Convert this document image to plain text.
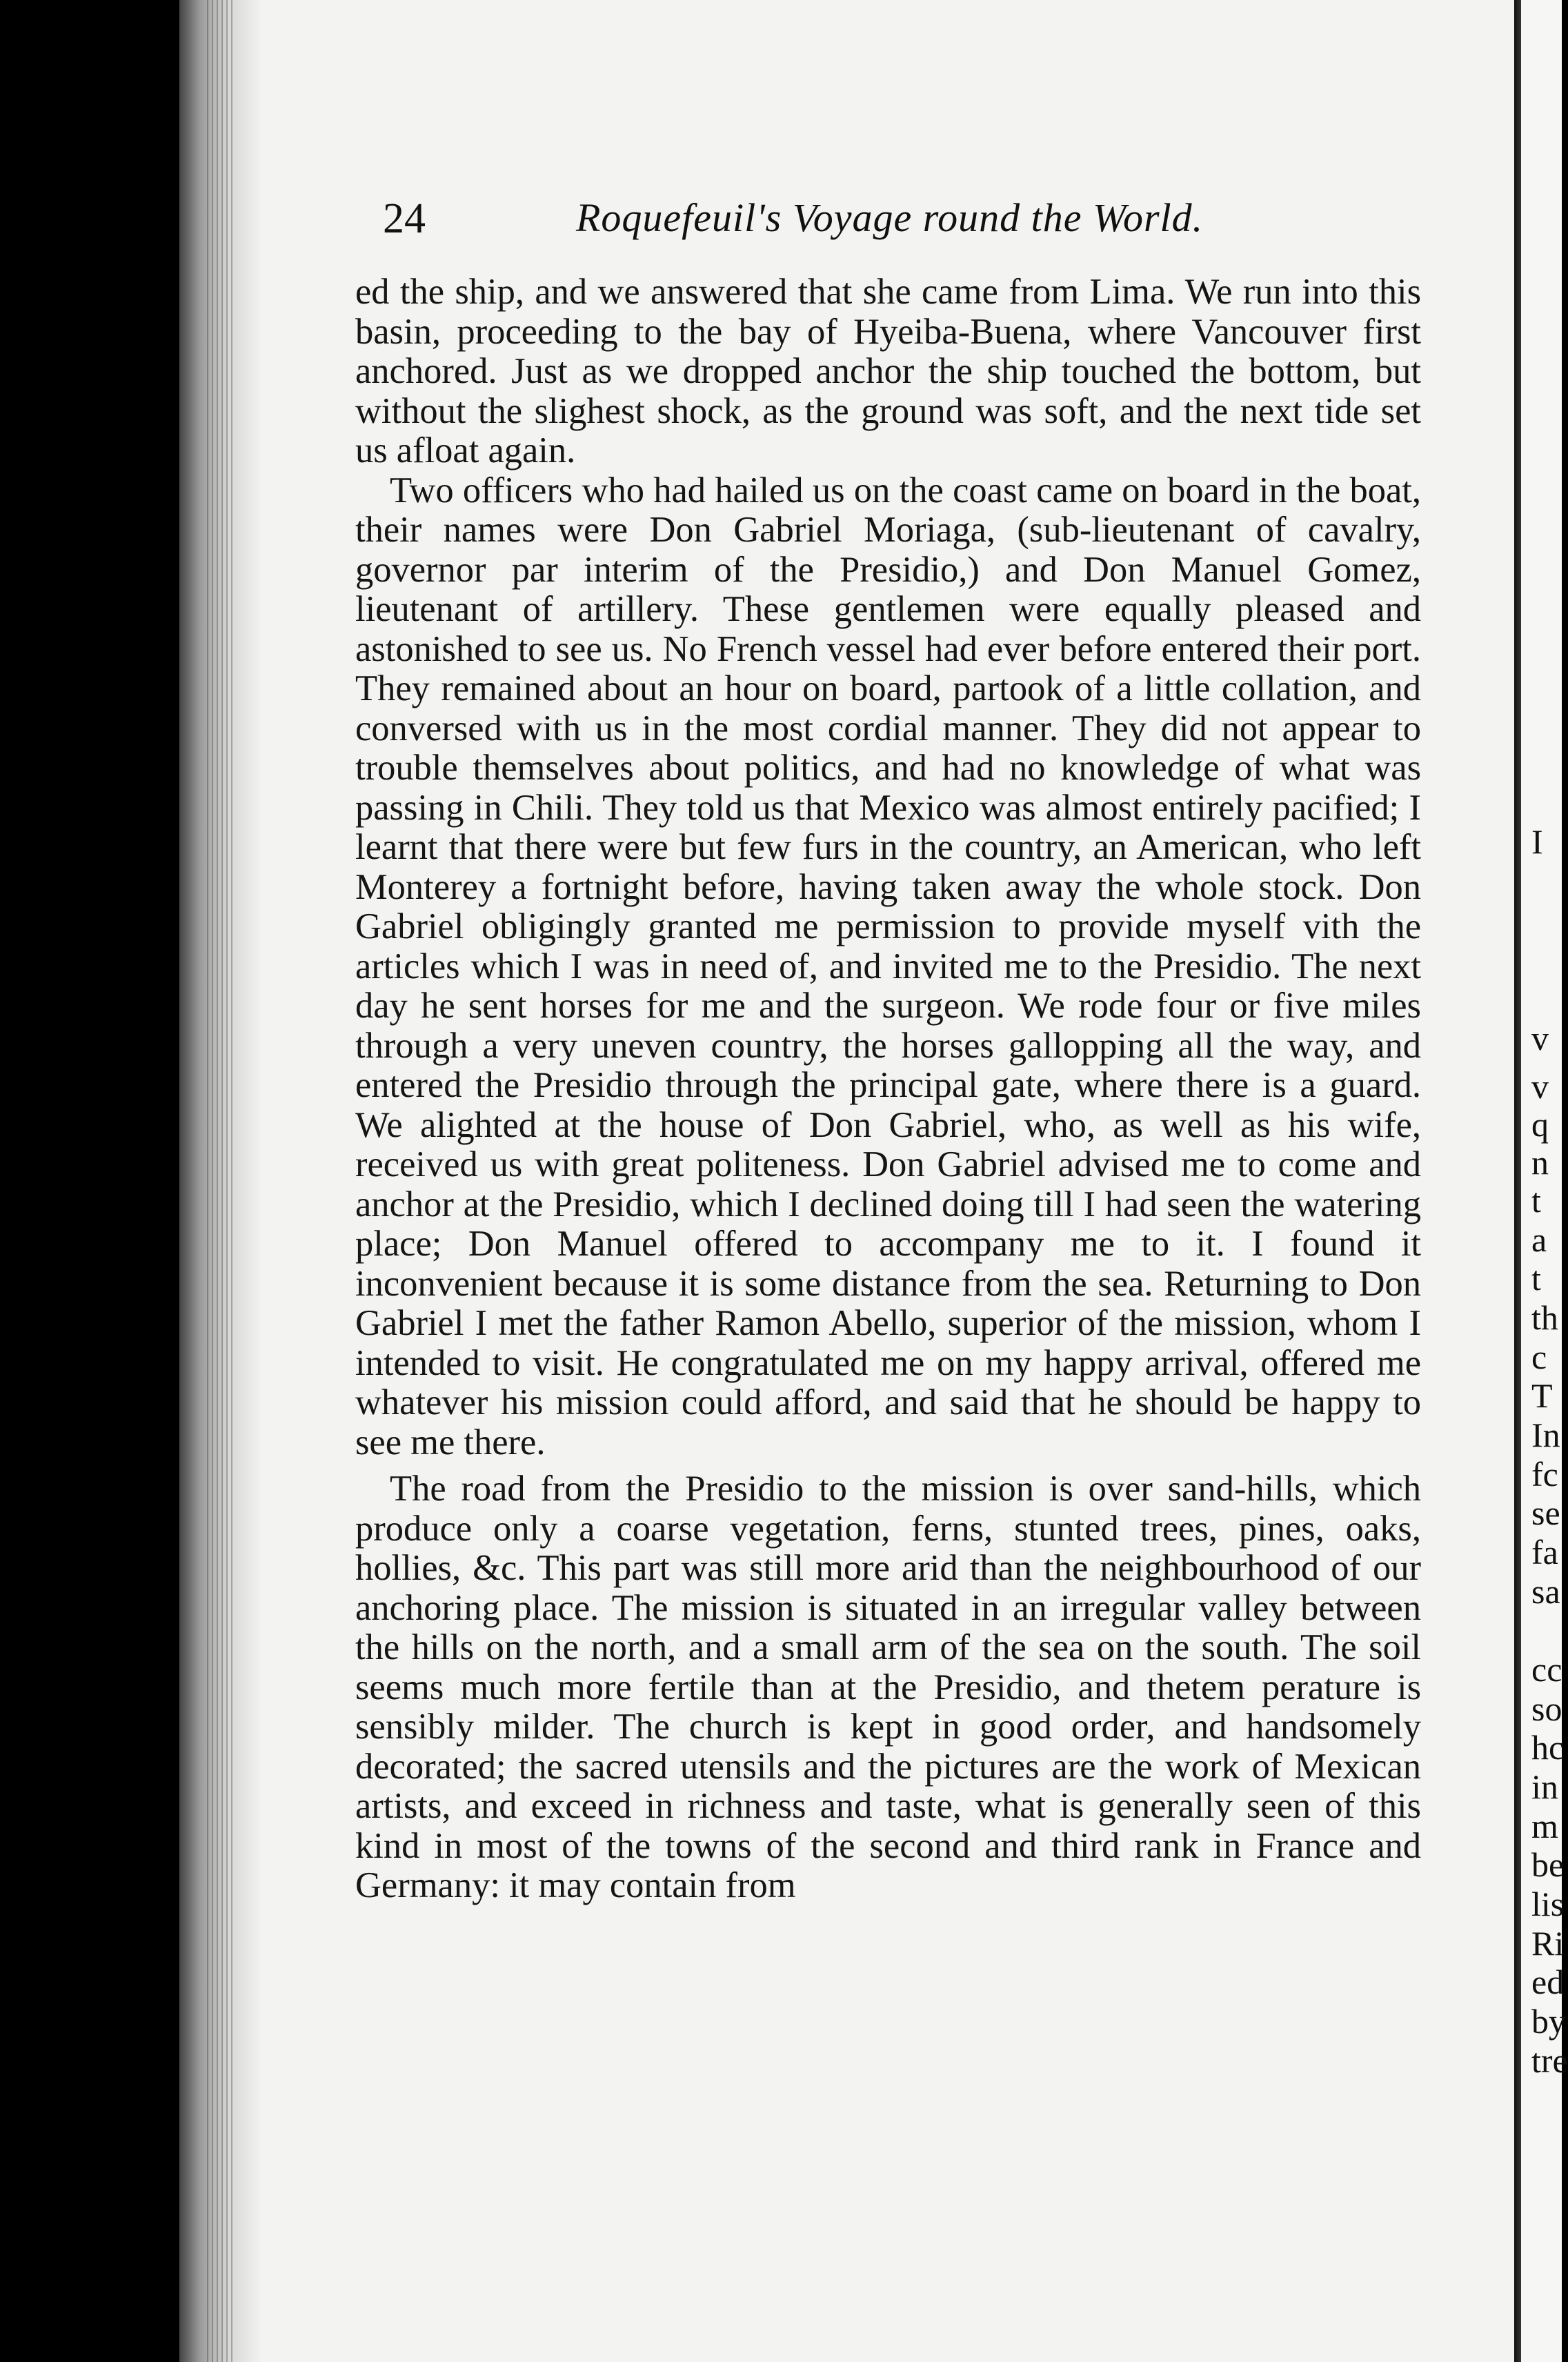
24	Roquefeuil's Voyage round the World.

ed the ship, and we answered that she came from Lima. We run into this basin, proceeding to the bay of Hyeiba-Buena, where Vancouver first anchored. Just as we dropped anchor the ship touched the bottom, but without the slighest shock, as the ground was soft, and the next tide set us afloat again.

Two officers who had hailed us on the coast came on board in the boat, their names were Don Gabriel Moriaga, (sub-lieutenant of cavalry, governor par interim of the Presidio,) and Don Manuel Gomez, lieutenant of artillery. These gentlemen were equally pleased and astonished to see us. No French vessel had ever before entered their port. They remained about an hour on board, partook of a little collation, and conversed with us in the most cordial manner. They did not appear to trouble themselves about politics, and had no knowledge of what was passing in Chili. They told us that Mexico was almost entirely pacified; I learnt that there were but few furs in the country, an American, who left Monterey a fortnight before, having taken away the whole stock. Don Gabriel obligingly granted me permission to provide myself vith the articles which I was in need of, and invited me to the Presidio. The next day he sent horses for me and the surgeon. We rode four or five miles through a very uneven country, the horses gallopping all the way, and entered the Presidio through the principal gate, where there is a guard. We alighted at the house of Don Gabriel, who, as well as his wife, received us with great politeness. Don Gabriel advised me to come and anchor at the Presidio, which I declined doing till I had seen the watering place; Don Manuel offered to accompany me to it. I found it inconvenient because it is some distance from the sea. Returning to Don Gabriel I met the father Ramon Abello, superior of the mission, whom I intended to visit. He congratulated me on my happy arrival, offered me whatever his mission could afford, and said that he should be happy to see me there.

The road from the Presidio to the mission is over sand-hills, which produce only a coarse vegetation, ferns, stunted trees, pines, oaks, hollies, &c. This part was still more arid than the neighbourhood of our anchoring place. The mission is situated in an irregular valley between the hills on the north, and a small arm of the sea on the south. The soil seems much more fertile than at the Presidio, and thetem perature is sensibly milder. The church is kept in good order, and handsomely decorated; the sacred utensils and the pictures are the work of Mexican artists, and exceed in richness and taste, what is generally seen of this kind in most of the towns of the second and third rank in France and Germany: it may contain from

I
v
v
q
n
t
a
t
th
c
T
In
fc
se
fa
sa
cc
so
hc
in
m
be
lis
Ri
ed
by
tre
